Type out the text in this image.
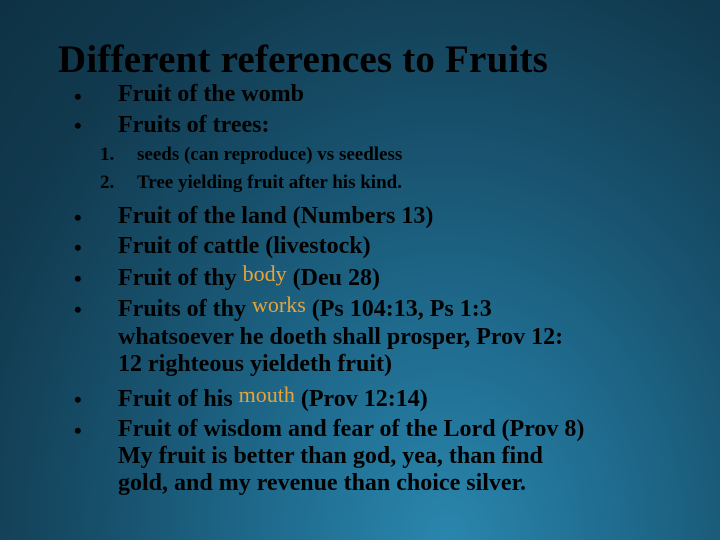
Different references to Fruits
• Fruit of the womb
• Fruits of trees:
1. seeds (can reproduce) vs seedless
2. Tree yielding fruit after his kind.
• Fruit of the land (Numbers 13)
• Fruit of cattle (livestock)
• Fruit of thy body (Deu 28)
• Fruits of thy works (Ps 104:13, Ps 1:3
whatsoever he doeth shall prosper, Prov 12:
12 righteous yieldeth fruit)
• Fruit of his mouth (Prov 12:14)
• Fruit of wisdom and fear of the Lord (Prov 8)
My fruit is better than god, yea, than find
gold, and my revenue than choice silver.
